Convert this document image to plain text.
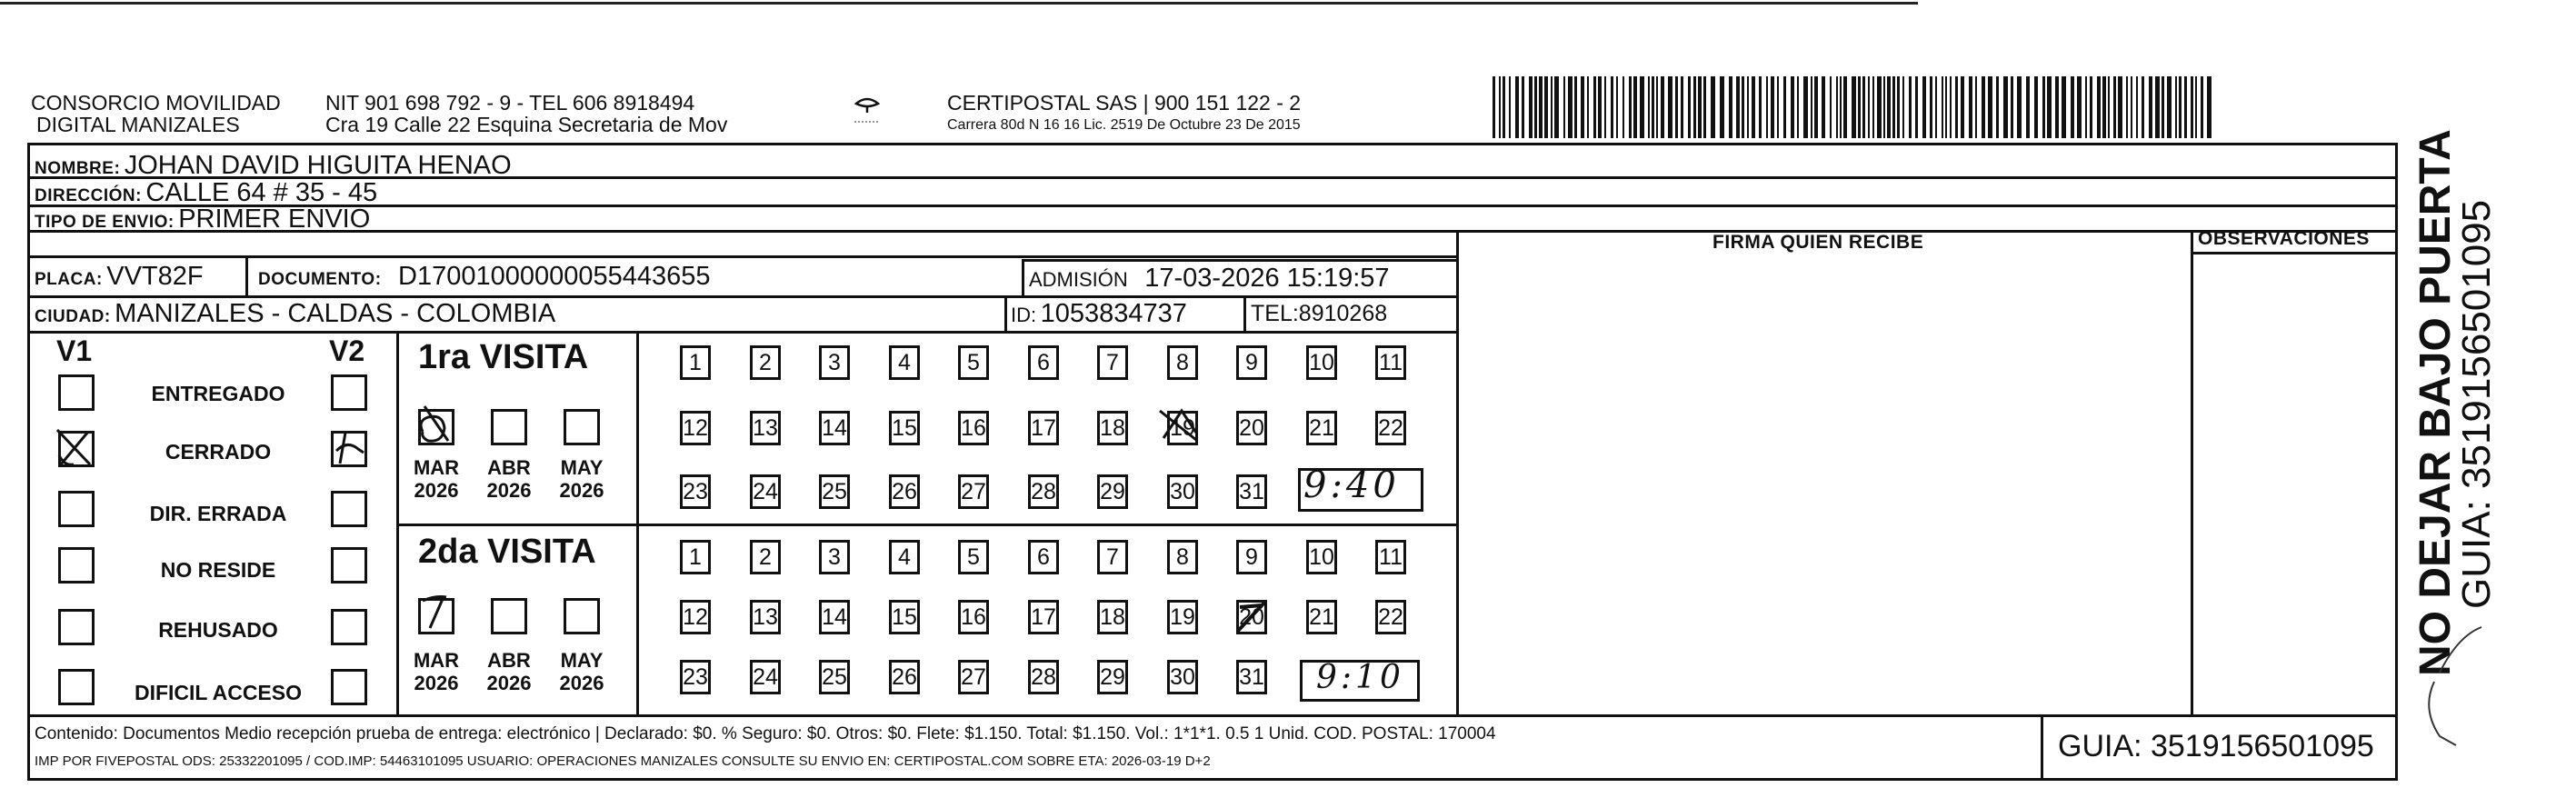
CONSORCIO MOVILIDAD
DIGITAL MANIZALES
NIT 901 698 792 - 9 - TEL 606 8918494
Cra 19 Calle 22 Esquina Secretaria de Mov
CERTIPOSTAL SAS | 900 151 122 - 2
Carrera 80d N 16 16 Lic. 2519 De Octubre 23 De 2015
NOMBRE: JOHAN DAVID HIGUITA HENAO
DIRECCIÓN: CALLE 64 # 35 - 45
TIPO DE ENVIO: PRIMER ENVIO
PLACA: VVT82F	DOCUMENTO: D17001000000055443655	ADMISIÓN 17-03-2026 15:19:57
CIUDAD: MANIZALES - CALDAS - COLOMBIA	ID: 1053834737	TEL:8910268
FIRMA QUIEN RECIBE	OBSERVACIONES
V1	V2
ENTREGADO
CERRADO
DIR. ERRADA
NO RESIDE
REHUSADO
DIFICIL ACCESO
1ra VISITA
MAR
2026
ABR
2026
MAY
2026
1	2	3	4	5	6	7	8	9	10 11
12 13 14 15 16 17 18 19 20 21 22
23 24 25 26 27 28 29 30 31 9:40
2da VISITA
MAR
2026
ABR
2026
MAY
2026
1	2	3	4	5	6	7	8	9	10 11
12 13 14 15 16 17 18 19 20 21 22
23 24 25 26 27 28 29 30 31 9:10
Contenido: Documentos Medio recepción prueba de entrega: electrónico | Declarado: $0. % Seguro: $0. Otros: $0. Flete: $1.150. Total: $1.150. Vol.: 1*1*1. 0.5 1 Unid. COD. POSTAL: 170004
IMP POR FIVEPOSTAL ODS: 25332201095 / COD.IMP: 54463101095 USUARIO: OPERACIONES MANIZALES CONSULTE SU ENVIO EN: CERTIPOSTAL.COM SOBRE ETA: 2026-03-19 D+2	GUIA: 3519156501095
NO DEJAR BAJO PUERTA
GUIA: 3519156501095
